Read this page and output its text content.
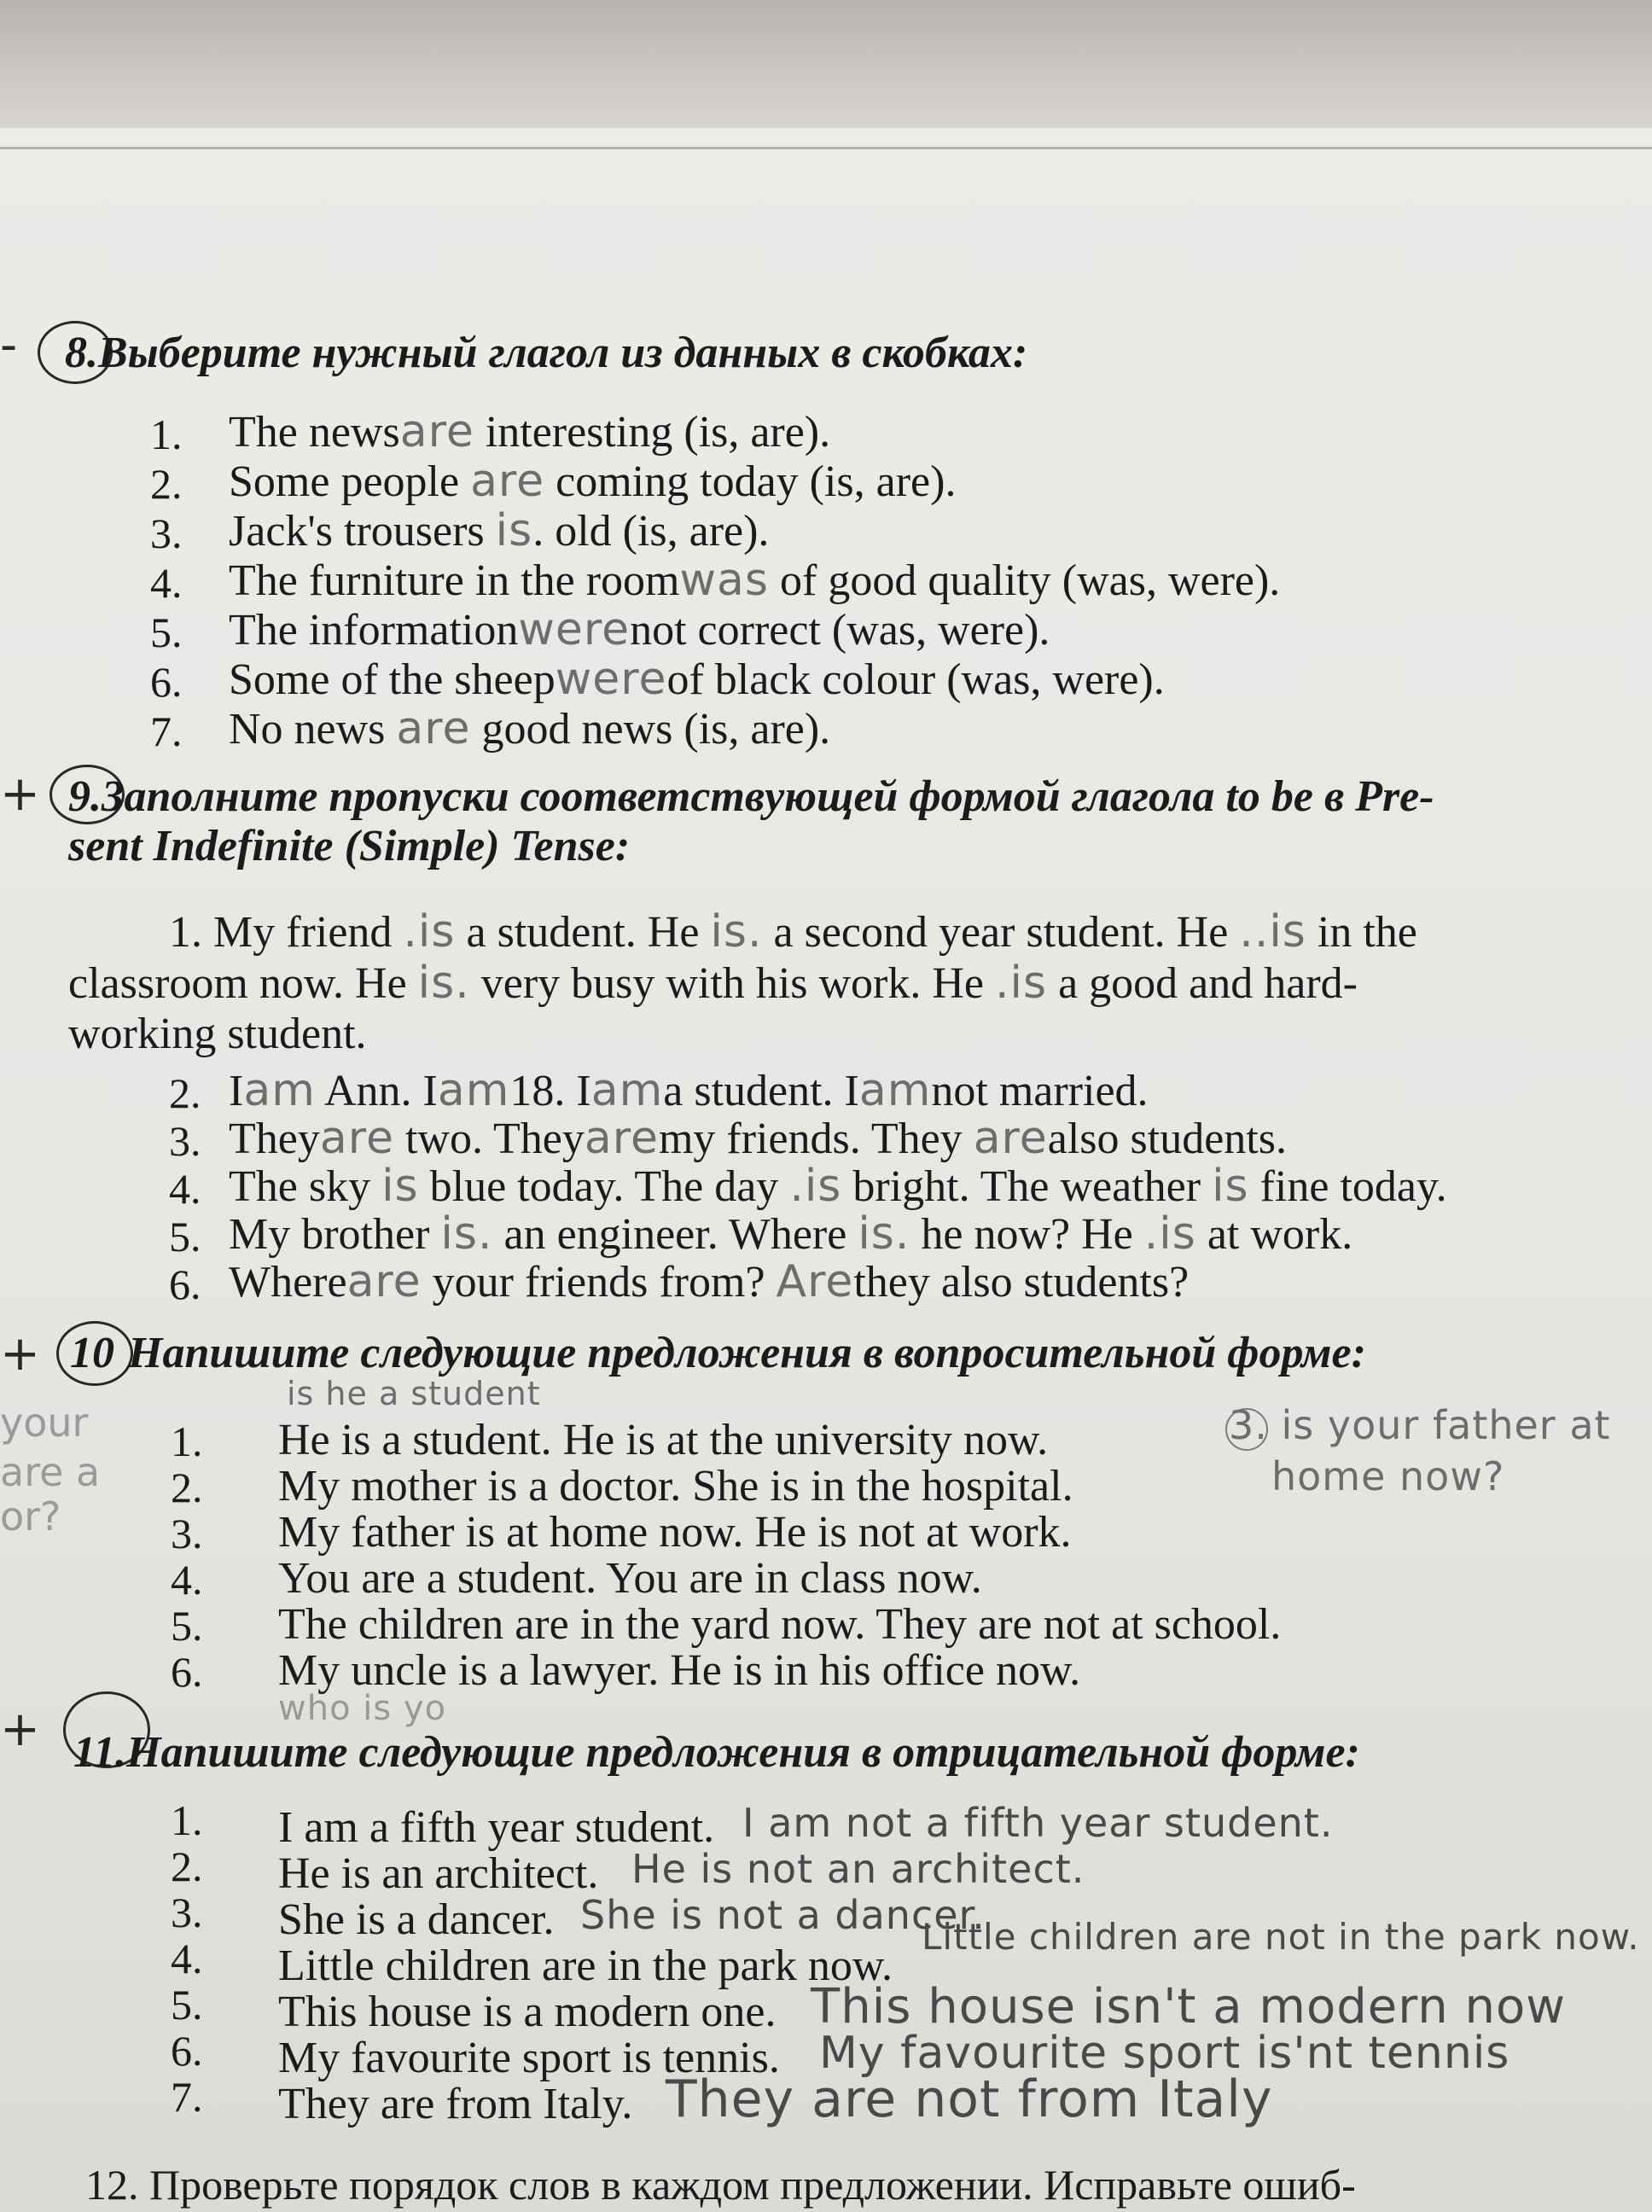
- 8.Выберите нужный глагол из данных в скобках:
1. The newsare interesting (is, are).
2. Some people are coming today (is, are).
3. Jack's trousers is. old (is, are).
4. The furniture in the roomwas of good quality (was, were).
5. The informationwerenot correct (was, were).
6. Some of the sheepwereof black colour (was, were).
7. No news are good news (is, are).
+ 9.Заполните пропуски соответствующей формой глагола to be в Pre-
sent Indefinite (Simple) Tense:
1. My friend .is a student. He is. a second year student. He ..is in the
classroom now. He is. very busy with his work. He .is a good and hard-
working student.
2. Iam Ann. Iam18. Iama student. Iamnot married.
3. Theyare two. Theyaremy friends. They arealso students.
4. The sky is blue today. The day .is bright. The weather is fine today.
5. My brother is. an engineer. Where is. he now? He .is at work.
6. Whereare your friends from? Arethey also students?
+ 10 Напишите следующие предложения в вопросительной форме:
is he a student
3. is your father at
home now?
your
are a
or?
1. He is a student. He is at the university now.
2. My mother is a doctor. She is in the hospital.
3. My father is at home now. He is not at work.
4. You are a student. You are in class now.
5. The children are in the yard now. They are not at school.
6. My uncle is a lawyer. He is in his office now.
who is yo
+ 11.Напишите следующие предложения в отрицательной форме:
1. I am a fifth year student. I am not a fifth year student.
2. He is an architect. He is not an architect.
3. She is a dancer. She is not a dancer.
4. Little children are in the park now.
Little children are not in the park now.
5. This house is a modern one. This house isn't a modern now
6. My favourite sport is tennis. My favourite sport is'nt tennis
7. They are from Italy. They are not from Italy
12. Проверьте порядок слов в каждом предложении. Исправьте ошиб-
